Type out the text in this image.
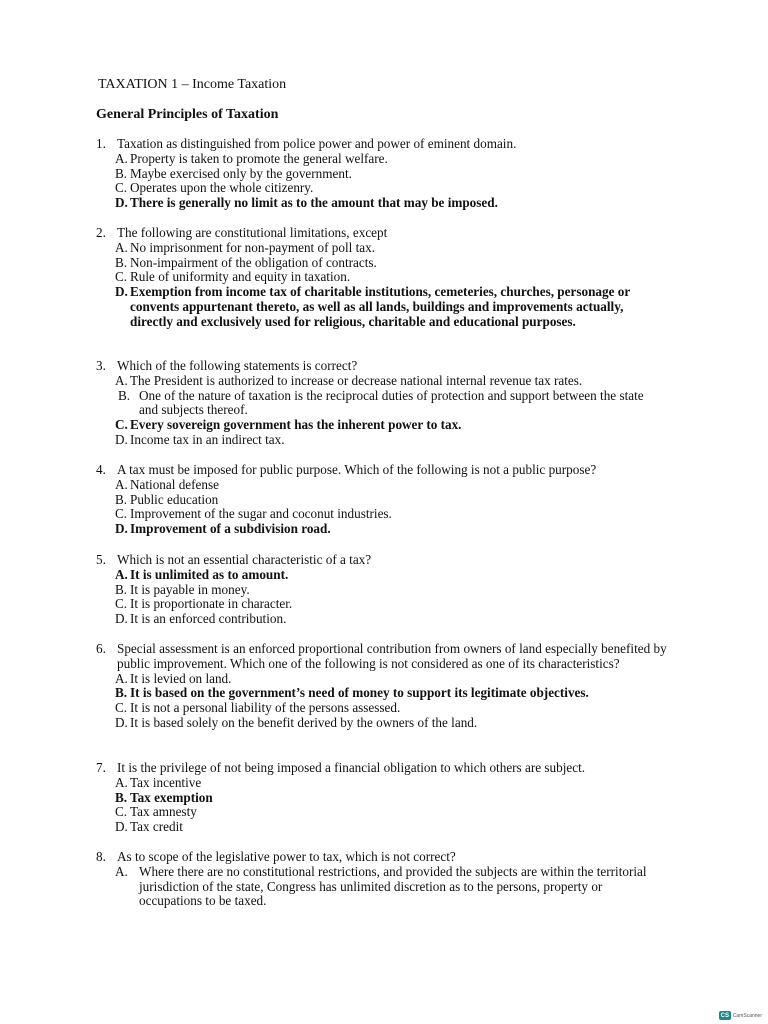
TAXATION 1 – Income Taxation
General Principles of Taxation
1. Taxation as distinguished from police power and power of eminent domain.
A. Property is taken to promote the general welfare.
B. Maybe exercised only by the government.
C. Operates upon the whole citizenry.
D. There is generally no limit as to the amount that may be imposed.
2. The following are constitutional limitations, except
A. No imprisonment for non-payment of poll tax.
B. Non-impairment of the obligation of contracts.
C. Rule of uniformity and equity in taxation.
D. Exemption from income tax of charitable institutions, cemeteries, churches, personage or convents appurtenant thereto, as well as all lands, buildings and improvements actually, directly and exclusively used for religious, charitable and educational purposes.
3. Which of the following statements is correct?
A. The President is authorized to increase or decrease national internal revenue tax rates.
B. One of the nature of taxation is the reciprocal duties of protection and support between the state and subjects thereof.
C. Every sovereign government has the inherent power to tax.
D. Income tax in an indirect tax.
4. A tax must be imposed for public purpose. Which of the following is not a public purpose?
A. National defense
B. Public education
C. Improvement of the sugar and coconut industries.
D. Improvement of a subdivision road.
5. Which is not an essential characteristic of a tax?
A. It is unlimited as to amount.
B. It is payable in money.
C. It is proportionate in character.
D. It is an enforced contribution.
6. Special assessment is an enforced proportional contribution from owners of land especially benefited by public improvement. Which one of the following is not considered as one of its characteristics?
A. It is levied on land.
B. It is based on the government’s need of money to support its legitimate objectives.
C. It is not a personal liability of the persons assessed.
D. It is based solely on the benefit derived by the owners of the land.
7. It is the privilege of not being imposed a financial obligation to which others are subject.
A. Tax incentive
B. Tax exemption
C. Tax amnesty
D. Tax credit
8. As to scope of the legislative power to tax, which is not correct?
A. Where there are no constitutional restrictions, and provided the subjects are within the territorial jurisdiction of the state, Congress has unlimited discretion as to the persons, property or occupations to be taxed.
CS CamScanner
